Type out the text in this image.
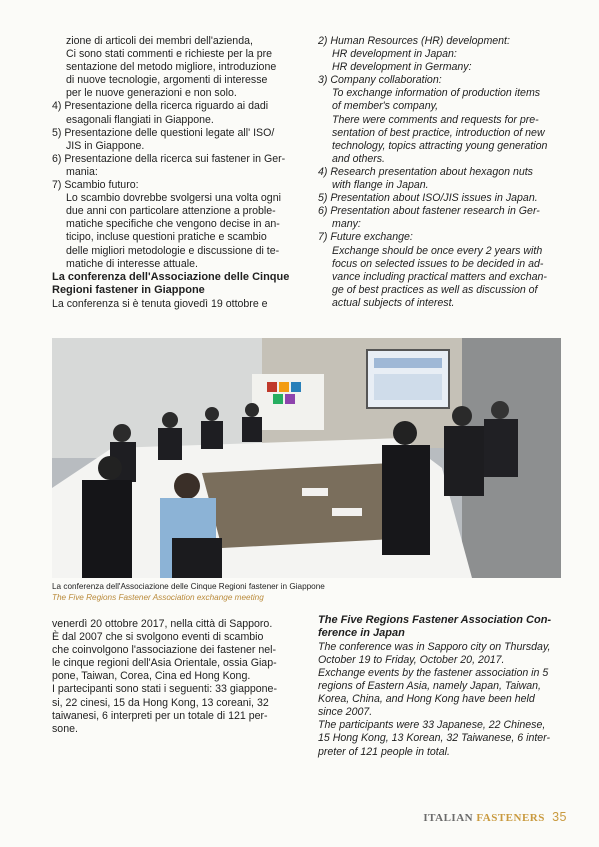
zione di articoli dei membri dell'azienda,

Ci sono stati commenti e richieste per la pre

sentazione del metodo migliore, introduzione

di nuove tecnologie, argomenti di interesse

per le nuove generazioni e non solo.

4) Presentazione della ricerca riguardo ai dadi

esagonali flangiati in Giappone.

5) Presentazione delle questioni legate all' ISO/

JIS in Giappone.

6) Presentazione della ricerca sui fastener in Ger-

mania:

7) Scambio futuro:

Lo scambio dovrebbe svolgersi una volta ogni

due anni con particolare attenzione a proble-

matiche specifiche che vengono decise in an-

ticipo, incluse questioni pratiche e scambio

delle migliori metodologie e discussione di te-

matiche di interesse attuale.

La conferenza dell'Associazione delle Cinque

Regioni fastener in Giappone

La conferenza si è tenuta giovedì 19 ottobre e

2) Human Resources (HR) development:

HR development in Japan:

HR development in Germany:

3) Company collaboration:

To exchange information of production items

of member's company,

There were comments and requests for pre-

sentation of best practice, introduction of new

technology, topics attracting young generation

and others.

4) Research presentation about hexagon nuts

with flange in Japan.

5) Presentation about ISO/JIS issues in Japan.

6) Presentation about fastener research in Ger-

many:

7) Future exchange:

Exchange should be once every 2 years with

focus on selected issues to be decided in ad-

vance including practical matters and exchan-

ge of best practices as well as discussion of

actual subjects of interest.

La conferenza dell'Associazione delle Cinque Regioni fastener in Giappone
The Five Regions Fastener Association exchange meeting

venerdì 20 ottobre 2017, nella città di Sapporo.

È dal 2007 che si svolgono eventi di scambio

che coinvolgono l'associazione dei fastener nel-

le cinque regioni dell'Asia Orientale, ossia Giap-

pone, Taiwan, Corea, Cina ed Hong Kong.

I partecipanti sono stati i seguenti: 33 giappone-

si, 22 cinesi, 15 da Hong Kong, 13 coreani, 32

taiwanesi, 6 interpreti per un totale di 121 per-

sone.

The Five Regions Fastener Association Con-

ference in Japan

The conference was in Sapporo city on Thursday,

October 19 to Friday, October 20, 2017.

Exchange events by the fastener association in 5

regions of Eastern Asia, namely Japan, Taiwan,

Korea, China, and Hong Kong have been held

since 2007.

The participants were 33 Japanese, 22 Chinese,

15 Hong Kong, 13 Korean, 32 Taiwanese, 6 inter-

preter of 121 people in total.

ITALIAN FASTENERS 35
